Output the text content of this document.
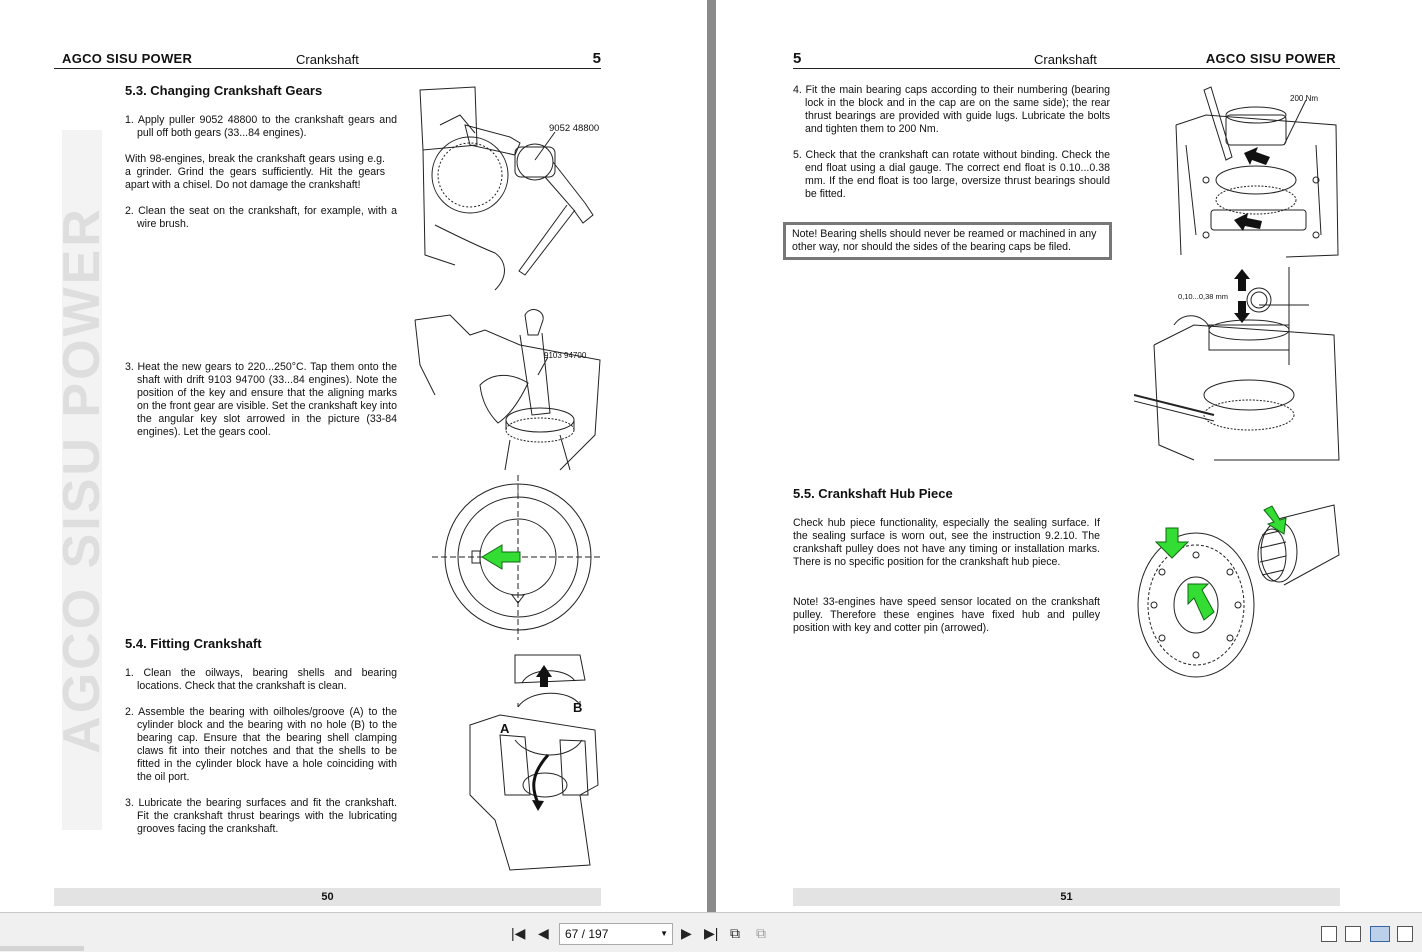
AGCO SISU POWER	Crankshaft	5
AGCO SISU POWER
5.3. Changing Crankshaft Gears

1. Apply puller 9052 48800 to the crankshaft gears and pull off both gears (33...84 engines).

With 98-engines, break the crankshaft gears using e.g. a grinder. Grind the gears sufficiently. Hit the gears apart with a chisel. Do not damage the crankshaft!

2. Clean the seat on the crankshaft, for example, with a wire brush.

3. Heat the new gears to 220...250°C. Tap them onto the shaft with drift 9103 94700 (33...84 engines). Note the position of the key and ensure that the aligning marks on the front gear are visible. Set the crankshaft key into the angular key slot arrowed in the picture (33-84 engines). Let the gears cool.

9052 48800
9103 94700
5.4. Fitting Crankshaft

1. Clean the oilways, bearing shells and bearing locations. Check that the crankshaft is clean.

2. Assemble the bearing with oilholes/groove (A) to the cylinder block and the bearing with no hole (B) to the bearing cap. Ensure that the bearing shell clamping claws fit into their notches and that the shells to be fitted in the cylinder block have a hole coinciding with the oil port.

3. Lubricate the bearing surfaces and fit the crankshaft. Fit the crankshaft thrust bearings with the lubricating grooves facing the crankshaft.

B
A
50
5	Crankshaft	AGCO SISU POWER

4. Fit the main bearing caps according to their numbering (bearing lock in the block and in the cap are on the same side); the rear thrust bearings are provided with guide lugs. Lubricate the bolts and tighten them to 200 Nm.

5. Check that the crankshaft can rotate without binding. Check the end float using a dial gauge. The correct end float is 0.10...0.38 mm. If the end float is too large, oversize thrust bearings should be fitted.

Note! Bearing shells should never be reamed or machined in any other way, nor should the sides of the bearing caps be filed.
200 Nm
0,10...0,38 mm
5.5. Crankshaft Hub Piece

Check hub piece functionality, especially the sealing surface. If the sealing surface is worn out, see the instruction 9.2.10. The crankshaft pulley does not have any timing or installation marks. There is no specific position for the crankshaft hub piece.

Note! 33-engines have speed sensor located on the crankshaft pulley. Therefore these engines have fixed hub and pulley position with key and cotter pin (arrowed).

51
|◀ ◀ 67 / 197	▼ ▶ ▶| ⧉ ⧉
